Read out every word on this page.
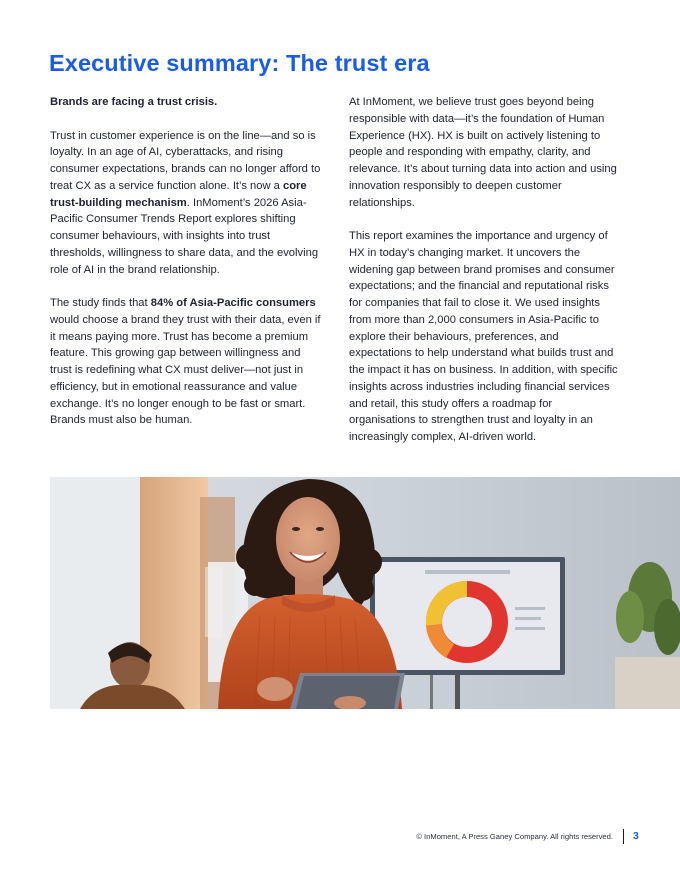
Executive summary: The trust era

Brands are facing a trust crisis.

Trust in customer experience is on the line—and so is loyalty. In an age of AI, cyberattacks, and rising consumer expectations, brands can no longer afford to treat CX as a service function alone. It’s now a core trust-building mechanism. InMoment’s 2026 Asia-Pacific Consumer Trends Report explores shifting consumer behaviours, with insights into trust thresholds, willingness to share data, and the evolving role of AI in the brand relationship.

The study finds that 84% of Asia-Pacific consumers would choose a brand they trust with their data, even if it means paying more. Trust has become a premium feature. This growing gap between willingness and trust is redefining what CX must deliver—not just in efficiency, but in emotional reassurance and value exchange. It’s no longer enough to be fast or smart. Brands must also be human.

At InMoment, we believe trust goes beyond being responsible with data—it’s the foundation of Human Experience (HX). HX is built on actively listening to people and responding with empathy, clarity, and relevance. It’s about turning data into action and using innovation responsibly to deepen customer relationships.

This report examines the importance and urgency of HX in today’s changing market. It uncovers the widening gap between brand promises and consumer expectations; and the financial and reputational risks for companies that fail to close it. We used insights from more than 2,000 consumers in Asia-Pacific to explore their behaviours, preferences, and expectations to help understand what builds trust and the impact it has on business. In addition, with specific insights across industries including financial services and retail, this study offers a roadmap for organisations to strengthen trust and loyalty in an increasingly complex, AI-driven world.

© InMoment, A Press Ganey Company. All rights reserved. 3
